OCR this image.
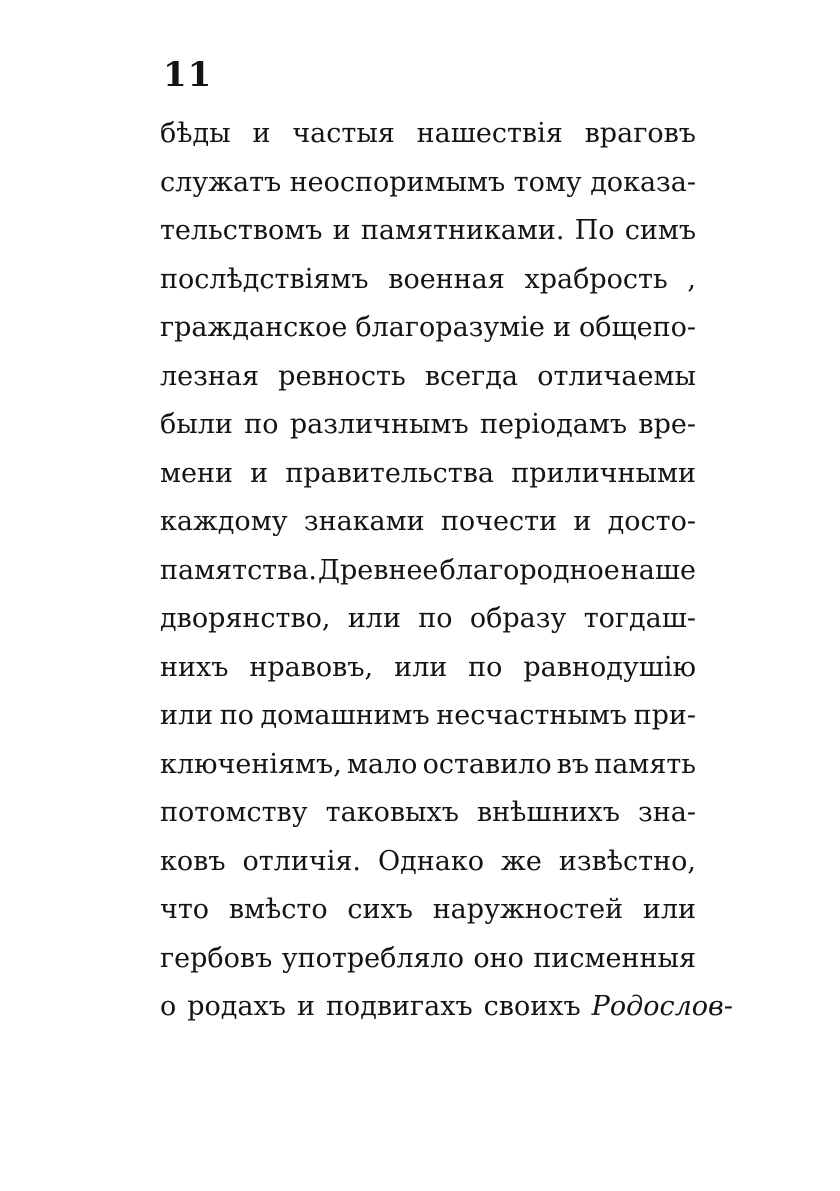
11
бѣды и частыя нашествія враговъ
служатъ неоспоримымъ тому доказа-
тельствомъ и памятниками. По симъ
послѣдствіямъ военная храбрость ,
гражданское благоразуміе и общепо-
лезная ревность всегда отличаемы
были по различнымъ періодамъ вре-
мени и правительства приличными
каждому знаками почести и досто-
памятства. Древнее благородное наше
дворянство, или по образу тогдаш-
нихъ нравовъ, или по равнодушію
или по домашнимъ несчастнымъ при-
ключеніямъ, мало оставило въ память
потомству таковыхъ внѣшнихъ зна-
ковъ отличія. Однако же извѣстно,
что вмѣсто сихъ наружностей или
гербовъ употребляло оно писменныя
о родахъ и подвигахъ своихъ Родослов-
